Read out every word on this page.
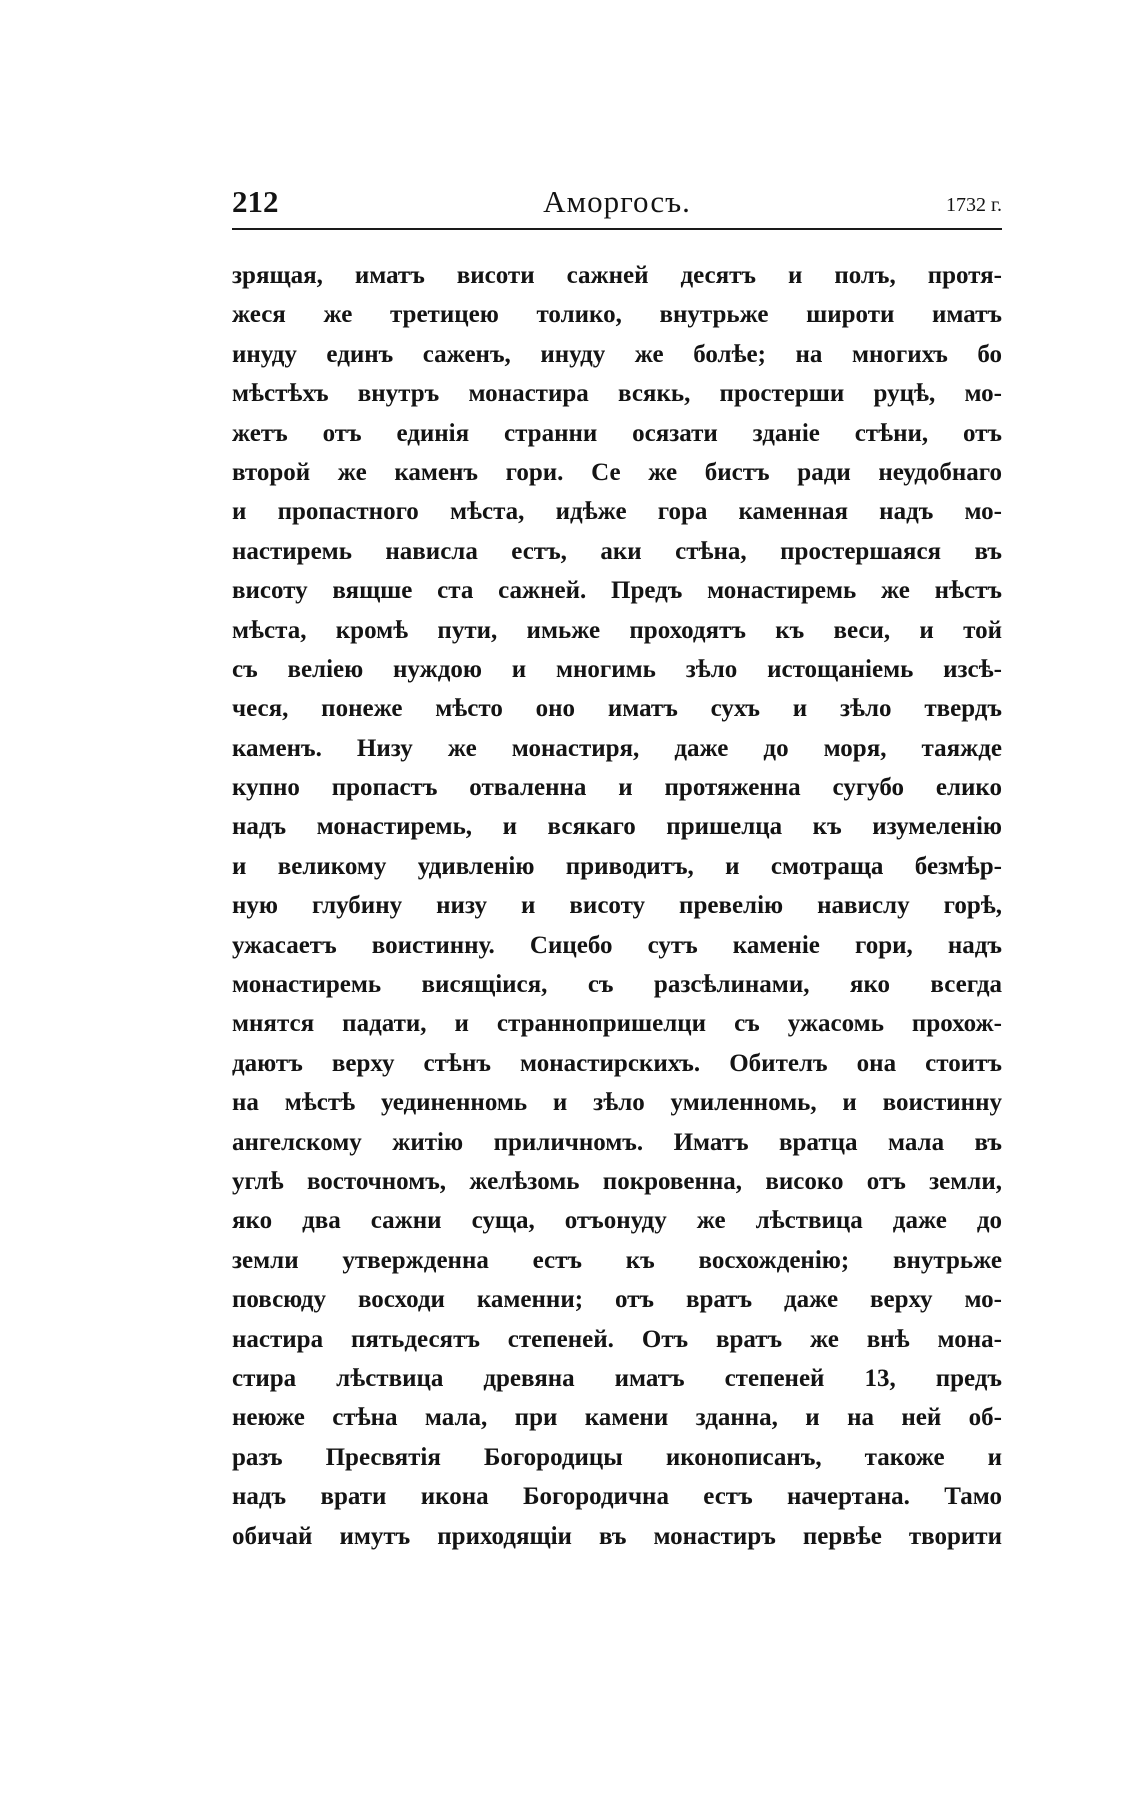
212	Аморгосъ.	1732 г.
зрящая, иматъ висоти сажней десятъ и полъ, протя-
жеся же третицею толико, внутрьже широти иматъ
инуду единъ саженъ, инуду же болѣе; на многихъ бо
мѣстѣхъ внутръ монастира всякь, простерши руцѣ, мо-
жетъ отъ единія странни осязати зданіе стѣни, отъ
второй же каменъ гори. Се же бистъ ради неудобнаго
и пропастного мѣста, идѣже гора каменная надъ мо-
настиремь нависла естъ, аки стѣна, простершаяся въ
висоту вящше ста сажней. Предъ монастиремь же нѣстъ
мѣста, кромѣ пути, имьже проходятъ къ веси, и той
съ веліею нуждою и многимь зѣло истощаніемь изсѣ-
чеся, понеже мѣсто оно иматъ сухъ и зѣло твердъ
каменъ. Низу же монастиря, даже до моря, таяжде
купно пропастъ отваленна и протяженна сугубо елико
надъ монастиремь, и всякаго пришелца къ изумеленію
и великому удивленію приводитъ, и смотраща безмѣр-
ную глубину низу и висоту превелію навислу горѣ,
ужасаетъ воистинну. Сицебо сутъ каменіе гори, надъ
монастиремь висящіися, съ разсѣлинами, яко всегда
мнятся падати, и страннопришелци съ ужасомь прохож-
даютъ верху стѣнъ монастирскихъ. Обителъ она стоитъ
на мѣстѣ уединенномь и зѣло умиленномь, и воистинну
ангелскому житію приличномъ. Иматъ вратца мала въ
углѣ восточномъ, желѣзомь покровенна, високо отъ земли,
яко два сажни суща, отъонуду же лѣствица даже до
земли утвержденна естъ къ восхожденію; внутрьже
повсюду восходи каменни; отъ вратъ даже верху мо-
настира пятьдесятъ степеней. Отъ вратъ же внѣ мона-
стира лѣствица древяна иматъ степеней 13, предъ
неюже стѣна мала, при камени зданна, и на ней об-
разъ Пресвятія Богородицы иконописанъ, такоже и
надъ врати икона Богородична естъ начертана. Тамо
обичай имутъ приходящіи въ монастиръ первѣе творити
